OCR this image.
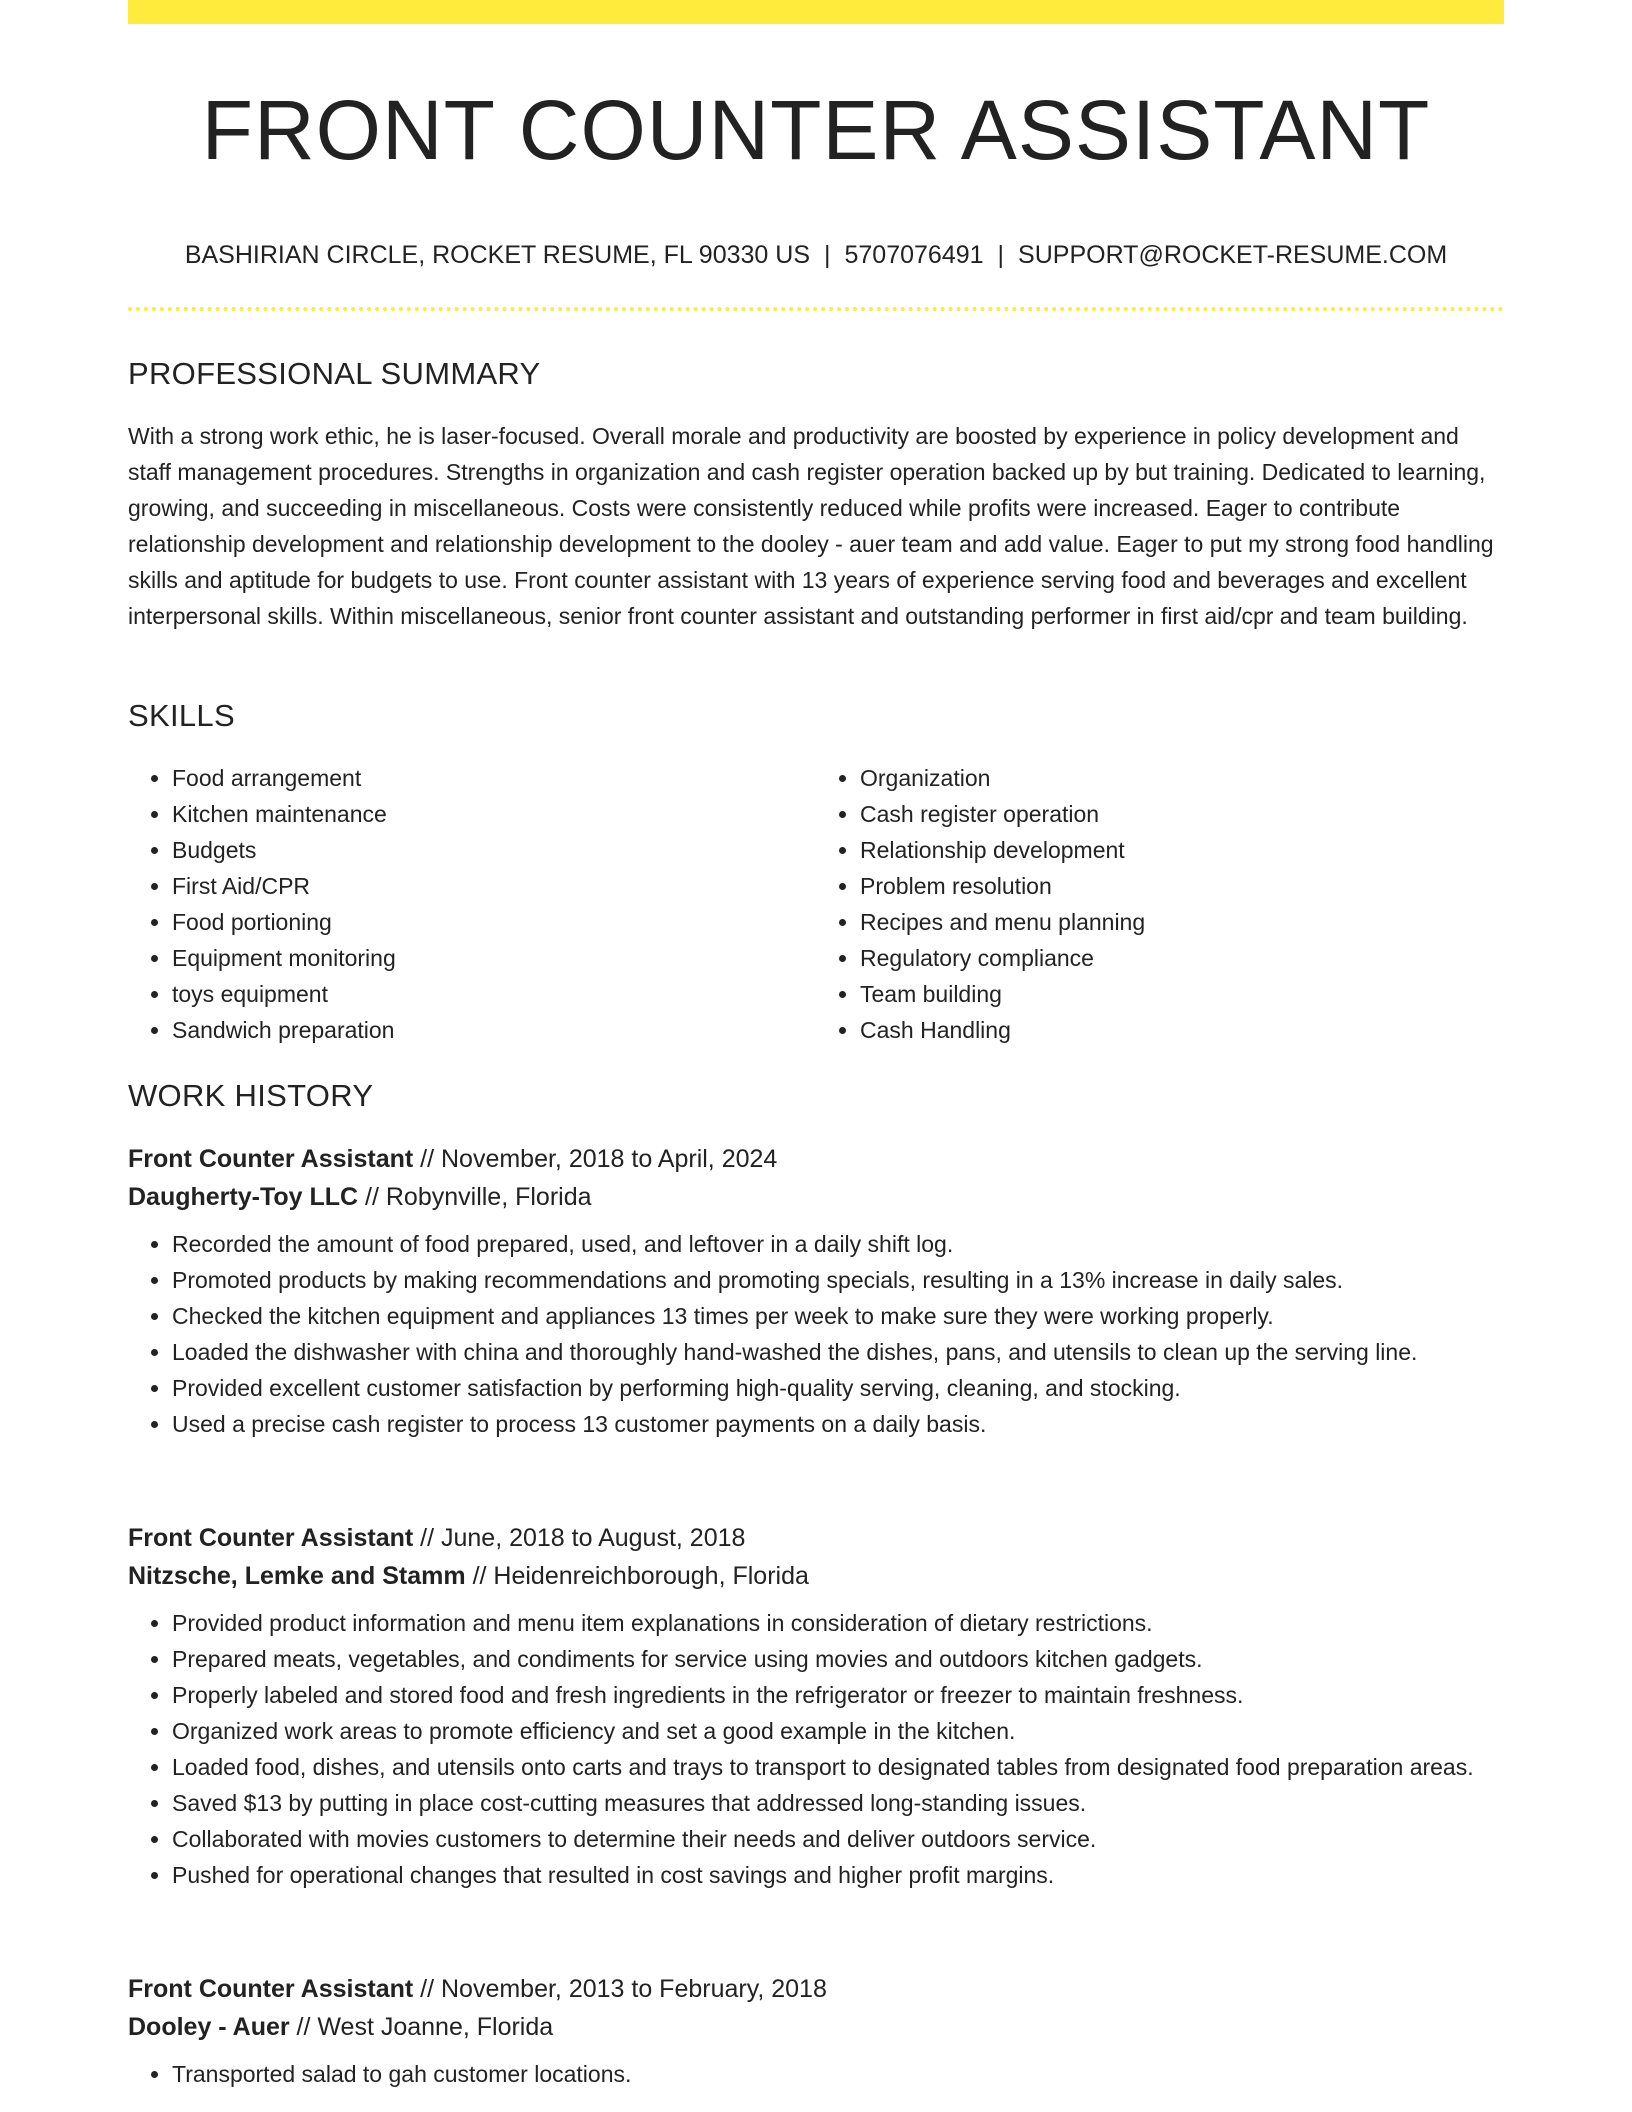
FRONT COUNTER ASSISTANT
BASHIRIAN CIRCLE, ROCKET RESUME, FL 90330 US | 5707076491 | SUPPORT@ROCKET-RESUME.COM
PROFESSIONAL SUMMARY

With a strong work ethic, he is laser-focused. Overall morale and productivity are boosted by experience in policy development and staff management procedures. Strengths in organization and cash register operation backed up by but training. Dedicated to learning, growing, and succeeding in miscellaneous. Costs were consistently reduced while profits were increased. Eager to contribute relationship development and relationship development to the dooley - auer team and add value. Eager to put my strong food handling skills and aptitude for budgets to use. Front counter assistant with 13 years of experience serving food and beverages and excellent interpersonal skills. Within miscellaneous, senior front counter assistant and outstanding performer in first aid/cpr and team building.

SKILLS
• Food arrangement
• Kitchen maintenance
• Budgets
• First Aid/CPR
• Food portioning
• Equipment monitoring
• toys equipment
• Sandwich preparation
• Organization
• Cash register operation
• Relationship development
• Problem resolution
• Recipes and menu planning
• Regulatory compliance
• Team building
• Cash Handling
WORK HISTORY
Front Counter Assistant // November, 2018 to April, 2024
Daugherty-Toy LLC // Robynville, Florida
• Recorded the amount of food prepared, used, and leftover in a daily shift log.
• Promoted products by making recommendations and promoting specials, resulting in a 13% increase in daily sales.
• Checked the kitchen equipment and appliances 13 times per week to make sure they were working properly.
• Loaded the dishwasher with china and thoroughly hand-washed the dishes, pans, and utensils to clean up the serving line.
• Provided excellent customer satisfaction by performing high-quality serving, cleaning, and stocking.
• Used a precise cash register to process 13 customer payments on a daily basis.
Front Counter Assistant // June, 2018 to August, 2018
Nitzsche, Lemke and Stamm // Heidenreichborough, Florida
• Provided product information and menu item explanations in consideration of dietary restrictions.
• Prepared meats, vegetables, and condiments for service using movies and outdoors kitchen gadgets.
• Properly labeled and stored food and fresh ingredients in the refrigerator or freezer to maintain freshness.
• Organized work areas to promote efficiency and set a good example in the kitchen.
• Loaded food, dishes, and utensils onto carts and trays to transport to designated tables from designated food preparation areas.
• Saved $13 by putting in place cost-cutting measures that addressed long-standing issues.
• Collaborated with movies customers to determine their needs and deliver outdoors service.
• Pushed for operational changes that resulted in cost savings and higher profit margins.
Front Counter Assistant // November, 2013 to February, 2018
Dooley - Auer // West Joanne, Florida
• Transported salad to gah customer locations.
